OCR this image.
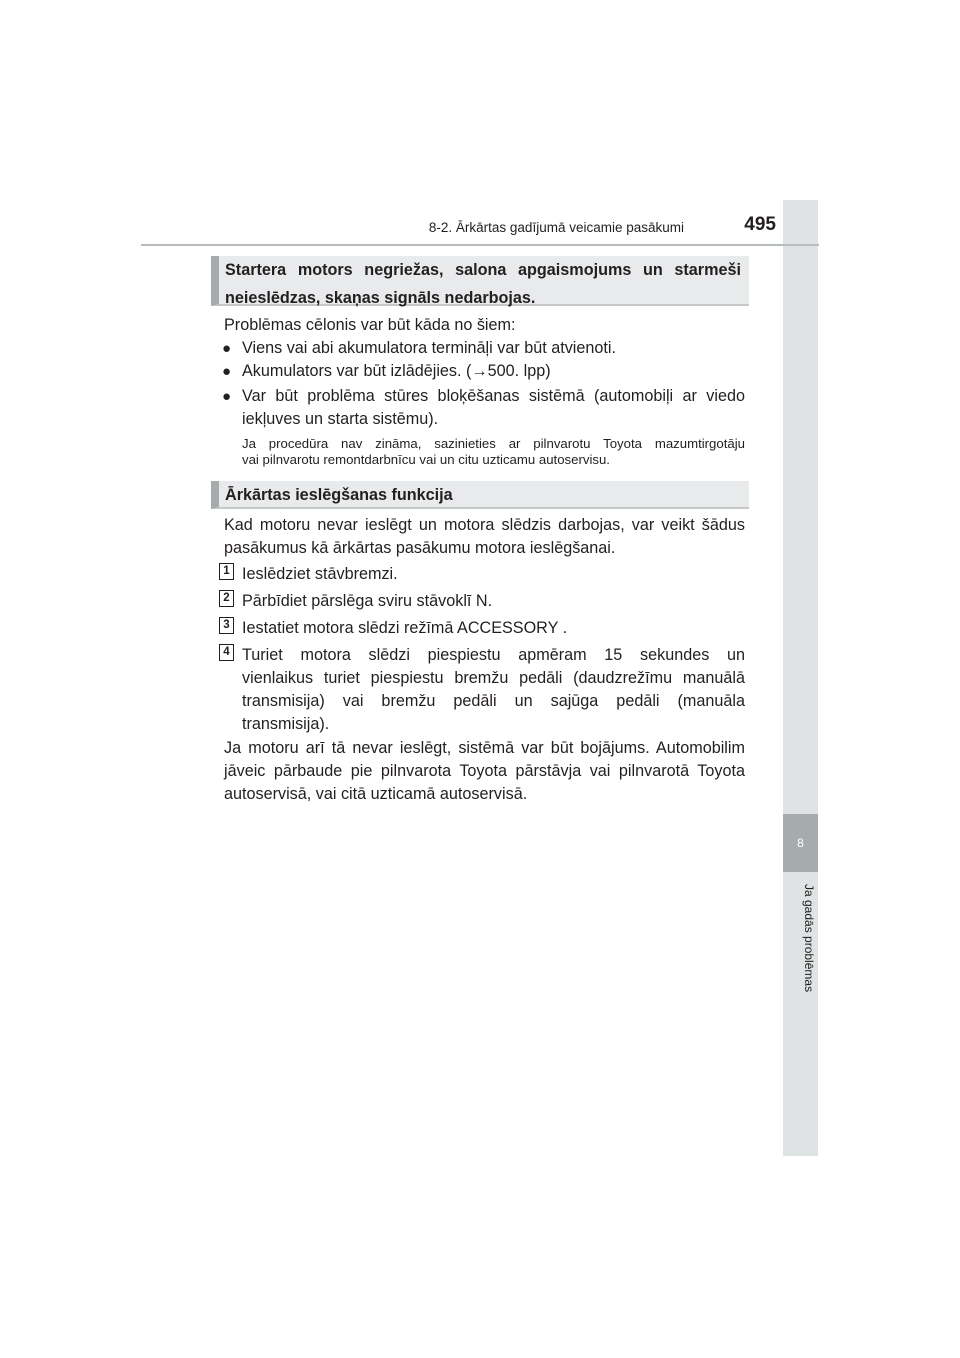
8
Ja gadās problēmas
8-2. Ārkārtas gadījumā veicamie pasākumi	495
Startera motors negriežas, salona apgaismojums un starmeši
neieslēdzas, skaņas signāls nedarbojas.
Problēmas cēlonis var būt kāda no šiem:
● Viens vai abi akumulatora termināļi var būt atvienoti.
● Akumulators var būt izlādējies. (→500. lpp)
● Var būt problēma stūres bloķēšanas sistēmā (automobiļi ar viedo
iekļuves un starta sistēmu).
Ja procedūra nav zināma, sazinieties ar pilnvarotu Toyota mazumtirgotāju
vai pilnvarotu remontdarbnīcu vai un citu uzticamu autoservisu.
Ārkārtas ieslēgšanas funkcija
Kad motoru nevar ieslēgt un motora slēdzis darbojas, var veikt šādus
pasākumus kā ārkārtas pasākumu motora ieslēgšanai.
1 Ieslēdziet stāvbremzi.
2 Pārbīdiet pārslēga sviru stāvoklī N.
3 Iestatiet motora slēdzi režīmā ACCESSORY .
4 Turiet motora slēdzi piespiestu apmēram 15 sekundes un
vienlaikus turiet piespiestu bremžu pedāli (daudzrežīmu manuālā
transmisija) vai bremžu pedāli un sajūga pedāli (manuāla
transmisija).
Ja motoru arī tā nevar ieslēgt, sistēmā var būt bojājums. Automobilim
jāveic pārbaude pie pilnvarota Toyota pārstāvja vai pilnvarotā Toyota
autoservisā, vai citā uzticamā autoservisā.
